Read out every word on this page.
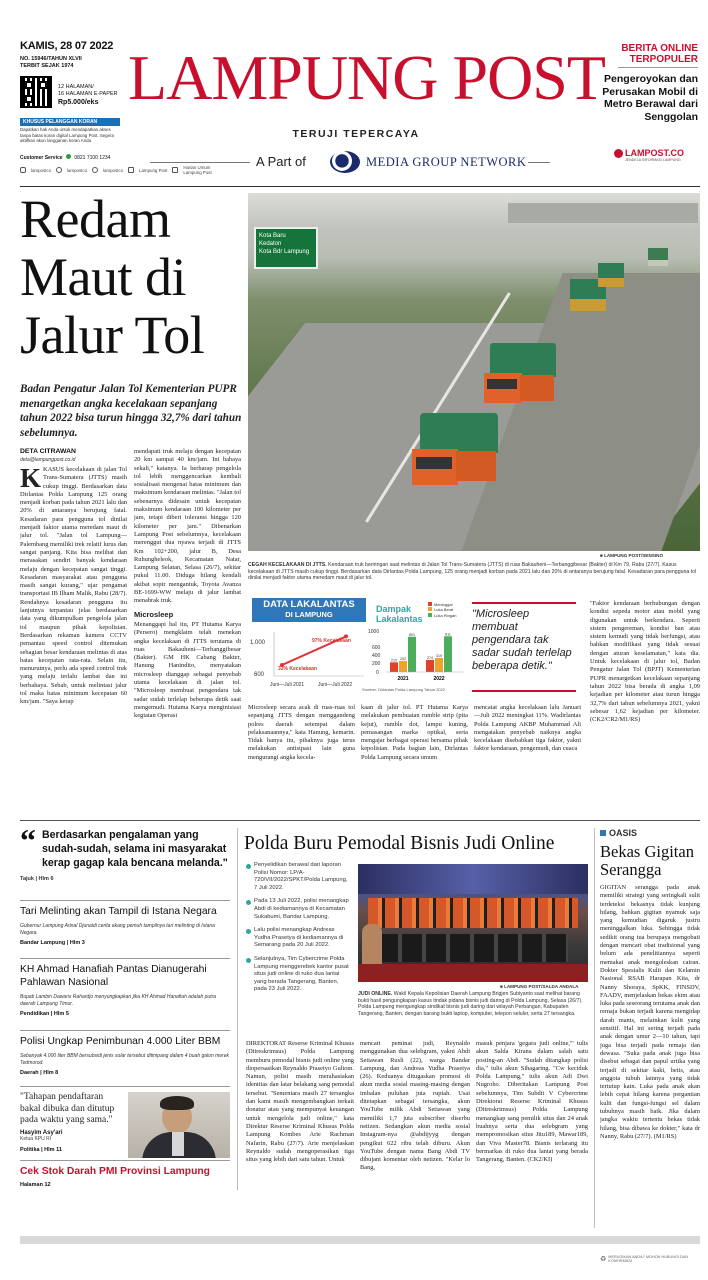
KAMIS, 28 07 2022
NO. 15946/TAHUN XLVII
TERBIT SEJAK 1974
12 HALAMAN/
16 HALAMAN E-PAPER
Rp5.000/eks
KHUSUS PELANGGAN KORAN
Dapatkan hak Anda untuk mendapatkan akses tanpa batas koran digital Lampung Post. Segera aktifkan akun langganan koran Anda
Customer Service 0821 7100 1234
lampostco	lampostco	lampostco	Lampung Post	Harian Umum Lampung Post
LAMPUNG POST
TERUJI TEPERCAYA
A Part of	MEDIA GROUP NETWORK
BERITA ONLINE
TERPOPULER
Pengeroyokan dan Perusakan Mobil di Metro Berawal dari Senggolan
LAMPOST.CO
JENDELA INFORMASI LAMPUNG
Redam Maut di Jalur Tol
Badan Pengatur Jalan Tol Kementerian PUPR menargetkan angka kecelakaan sepanjang tahun 2022 bisa turun hingga 32,7% dari tahun sebelumnya.
DETA CITRAWAN
deta@lampungpost.co.id
KKASUS kecelakaan di jalan Tol Trans-Sumatera (JTTS) masih cukup tinggi. Berdasarkan data Dirlantas Polda Lampung 125 orang menjadi korban pada tahun 2021 lalu dan 20% di antaranya berujung fatal. Kesadaran para pengguna tol dinilai menjadi faktor utama meredam maut di jalur tol. "Jalan tol Lampung—Palembang memiliki trek relatif lurus dan sangat panjang. Kita bisa melihat dan merasakan sendiri banyak kendaraan melaju dengan kecepatan sangat tinggi. Kesadaran masyarakat atau pengguna masih sangat kurang," ujar pengamat transportasi IB Ilham Malik, Rabu (28/7). Rendahnya kesadaran pengguna itu lanjutnya terpantau jelas berdasarkan data yang dikumpulkan pengelola jalan tol maupun pihak kepolisian. Berdasarkan rekaman kamera CCTV pemantau speed control ditemukan sebagian besar kendaraan melintas di atas batas kecepatan rata-rata. Selain itu, menurutnya, perlu ada speed control truk yang melaju terlalu lambat dan ini berbahaya. Sebab, untuk melintasi jalur tol maka batas minimum kecepatan 60 km/jam. "Saya kerap
mendapati truk melaju dengan kecepatan 20 km sampai 40 km/jam. Ini bahaya sekali," katanya. Ia berharap pengelola tol lebih menggencarkan kembali sosialisasi mengenai batas minimum dan maksimum kendaraan melintas. "Jalan tol sebenarnya didesain untuk kecepatan maksimum kendaraan 100 kilometer per jam, tetapi diberi toleransi hingga 120 kilometer per jam." Dibenarkan Lampung Post sebelumnya, kecelakaan merenggut dua nyawa terjadi di JTTS Km 102+200, jalur B, Desa Ruhungheleok, Kecamatan Natar, Lampung Selatan, Selasa (26/7), sekitar pukul 11.00. Diduga hilang kendali akibat sopir mengantuk, Toyota Avanza BE-1699-WW melaju di jalur lambat menabrak truk.
Microsleep
Menanggapi hal itu, PT Hutama Karya (Persero) mengklaim telah menekan angka kecelakaan di JTTS terutama di ruas Bakauheni—Terbanggibesar (Bakter). GM HK Cabang Bakter, Hanung Hanindito, menyatakan microsleep dianggap sebagai penyebab utama kecelakaan di jalan tol. "Microsleep membuat pengendara tak sadar sudah terlelap beberapa detik saat mengemudi. Hutama Karya menginisiasi kegiatan Operasi
Kota Baru
Kedaton
Kota Bdr Lampung
■ LAMPUNG POST/SENSINO
CEGAH KECELAKAAN DI JTTS. Kendaraan truk beriringan saat melintas di Jalan Tol Trans-Sumatera (JTTS) di ruas Bakauheni—Terbanggibesar (Bakter) di Km 79, Rabu (27/7). Kasus kecelakaan di JTTS masih cukup tinggi. Berdasarkan data Dirlantas Polda Lampung, 125 orang menjadi korban pada 2021 lalu dan 20% di antaranya berujung fatal. Kesadaran para pengguna tol dinilai menjadi faktor utama meredam maut di jalur tol.
DATA LAKALANTAS
DI LAMPUNG
1.000
600
97% Kecelakaan
33% Kecelakaan
Juni—Juli 2021	Juni—Juli 2022
Dampak
Lakalantas
219 252
801
2021
274 319
811
2022
1000
600
400
200
0
Meninggal
Luka Berat
Luka Ringan
Sumber: Dirlantas Polda Lampung Tahun 2022
"Microsleep membuat pengendara tak sadar sudah terlelap beberapa detik."
Microsleep secara acak di ruas-ruas tol sepanjang JTTS dengan menggandeng polres daerah setempat dalam pelaksanaannya," kata Hanung, kemarin. Tidak hanya itu, pihaknya juga terus melakukan antisipasi lain guna mengurangi angka kecela-
kaan di jalur tol. PT Hutama Karya melakukan pembuatan rumble strip (pita kejut), rumble dot, lampu kuning, pemasangan marka optikal, serta mengajar berbagai operasi bersama pihak kepolisian. Pada bagian lain, Dirlantas Polda Lampung secara umum
mencatat angka kecelakaan lalu Januari—Juli 2022 meningkat 11%. Wadirlantas Polda Lampung AKBP Muhammad Ali mengatakan penyebab naiknya angka kecelakaan disebabkan tiga faktor, yakni faktor kendaraan, pengemudi, dan cuaca
"Faktor kendaraan berhubungan dengan kondisi sepeda motor atau mobil yang digunakan untuk berkendara. Seperti sistem pengereman, kondisi ban atau sistem kemudi yang tidak berfungsi, atau bahkan modifikasi yang tidak sesuai dengan aturan keselamatan," kata dia. Untuk kecelakaan di jalur tol, Badan Pengatur Jalan Tol (BPJT) Kementerian PUPR menargetkan kecelakaan sepanjang tahun 2022 bisa berada di angka 1,09 kejadian per kilometer atau turun hingga 32,7% dari tahun sebelumnya 2021, yakni sebesar 1,62 kejadian per kilometer. (CK2/CR2/M1/RS)
“ Berdasarkan pengalaman yang sudah-sudah, selama ini masyarakat kerap gagap kala bencana melanda."
Tajuk | Hlm 6
Tari Melinting akan Tampil di Istana Negara
Gubernur Lampung Arinal Djunaidi cerita akang pemuh tampilnya tari melinting di Istana Negara.
Bandar Lampung | Hlm 3
KH Ahmad Hanafiah Pantas Dianugerahi Pahlawan Nasional
Bupati Lambin Dawaris Rahardjo menyungkapkan jika KH Ahmad Hanafiah adalah putra daerah Lampung Timur.
Pendidikan | Hlm 5
Polisi Ungkap Penimbunan 4.000 Liter BBM
Sebanyak 4.000 liter BBM bersubsidi jenis solar tersebut ditimpang dalam 4 buah galon merek Tedmorod.
Daerah | Hlm 8
"Tahapan pendaftaran bakal dibuka dan ditutup pada waktu yang sama."
Hasyim Asy'ari
Ketua KPU RI
Politika | Hlm 11
Cek Stok Darah PMI Provinsi Lampung
Halaman 12
Polda Buru Pemodal Bisnis Judi Online
Penyelidikan berawal dari laporan Polisi Nomor: LP/A-720/VII/2022/SPKT/Polda Lampung, 7 Juli 2022.
Pada 13 Juli 2022, polisi menangkap Abdi di kediamannya di Kecamatan Sukabumi, Bandar Lampung.
Lalu polisi menangkap Andreas Yudha Prasetya di kediamannya di Semarang pada 20 Juli 2022.
Selanjutnya, Tim Cybercrime Polda Lampung menggerebek kantor pusat situs judi online di ruko dua lantai yang berada Tangerang, Banten, pada 23 Juli 2022.	■ LAMPUNG POST/SALDA ANDALA
JUDI ONLINE. Wakil Kepala Kepolisian Daerah Lampung Brigjen Subiyanto saat melihat barang bukti hasil pengungkapan kasus tindak pidana bisnis judi daring di Polda Lampung, Selasa (26/7). Polda Lampung mengungkap sindikat bisnis judi daring dari wilayah Perbangan, Kabupaten Tangerang, Banten, dengan barang bukti laptop, komputer, telepon seluler, serta 27 tersangka.
DIREKTORAT Reserse Kriminal Khusus (Ditreskrimsus) Polda Lampung memburu pemodal bisnis judi online yang diopersasikan Reynaldo Prasetyo Gultom. Namun, polisi masih merahasiakan identitas dan latar belakang sang pemodal tersebut. "Sementara masih 27 tersangka dan kami masih mengembangkan terkait donatur atau yang mempunyai keuangan untuk mengelola judi online," kata Direktur Reserse Kriminal Khusus Polda Lampung Kombes Arie Rachman Nafarin, Rabu (27/7). Arie menjelaskan Reynaldo sudah mengoperasikan tiga situs yang lebih dari satu tahun. Untuk
mencari peminat judi, Reynaldo menggunakan dua selebgram, yakni Abdi Setiawan Rusli (22), warga Bandar Lampung, dan Andreas Yudha Prasetya (26). Keduanya ditugaskan promosi di akun media sosial masing-masing dengan imbalan puluhan juta rupiah. Usai ditetapkan sebagai tersangka, akun YouTube milik Abdi Setiawan yang memiliki 1,7 juta subscriber diserbu netizen. Sedangkan akun media sosial Instagram-nya @abdijyyg dengan pengikut 622 ribu telah diburu. Akun YouTube dengan nama Bang Abdi TV dibujani komentar oleh netizen. "Kelar lo Bang,
masuk penjara 'gegara judi online,'" tulis akun Salda Kirana dalam salah satu posting-an Abdi. "Sudah ditangkap polisi dia," tulis akun Sihagaring. "Cw keciduk Polda Lampung," tulis akun Adi Dwi Nugroho. Diberitakan Lampung Post sebelumnya, Tim Subdit V Cybercrime Direktorat Reserse Kriminal Khusus (Ditreskrimsus) Polda Lampung menangkap sang pemilik situs dan 24 anak buahnya serta dua selebgram yang mempromosikan situs Jitu189, Mawar189, dan Viva Master78. Bisnis terlarang itu bermarkas di ruko dua lantai yang berada Tangerang, Banten. (CK2/KI)
OASIS
Bekas Gigitan Serangga
GIGITAN serangga pada anak memiliki strategi yang seringkali sulit terdeteksi bekasnya tidak kunjung hilang, bahkan gigitan nyamuk saja yang kemudian digaruk justru meninggalkan luka. Sehingga tidak sedikit orang tua berupaya mengobati dengan mencari obat tradisional yang belum ada penelitiannya seperti memakai anak mengoleskan cairan. Dokter Spesialis Kulit dan Kelamin Nasional RSAB Harapan Kita, dr Nanny Shoraya, SpKK, FINSDV, FAADV, menjelaskan bekas ekim atau luka pada seseorang terutama anak dan remaja bukan terjadi karena mengidap darah manis, melainkan kulit yang sensitif. Hal ini sering terjadi pada anak dengan umur 2—10 tahun, tapi juga bisa terjadi pada remaja dan dewasa. "Suka pada anak juga bisa disebut sebagai dan papul urtika yang terjadi di sekitar kaki, betis, atau anggota tubuh lainnya yang tidak tertutup kain. Luka pada anak akan lebih cepat hilang karena pergantian kulit dan fungsi-fungsi sel dalam tubuhnya masih baik. Jika dalam jangka waktu tertentu bekas tidak hilang, bisa dibawa ke dokter," kata dr Nanny, Rabu (27/7). (M1/RS)
♻ MERUGIKAN ANDA? MOHON HUBUNGI DAN KONFIRMASI
